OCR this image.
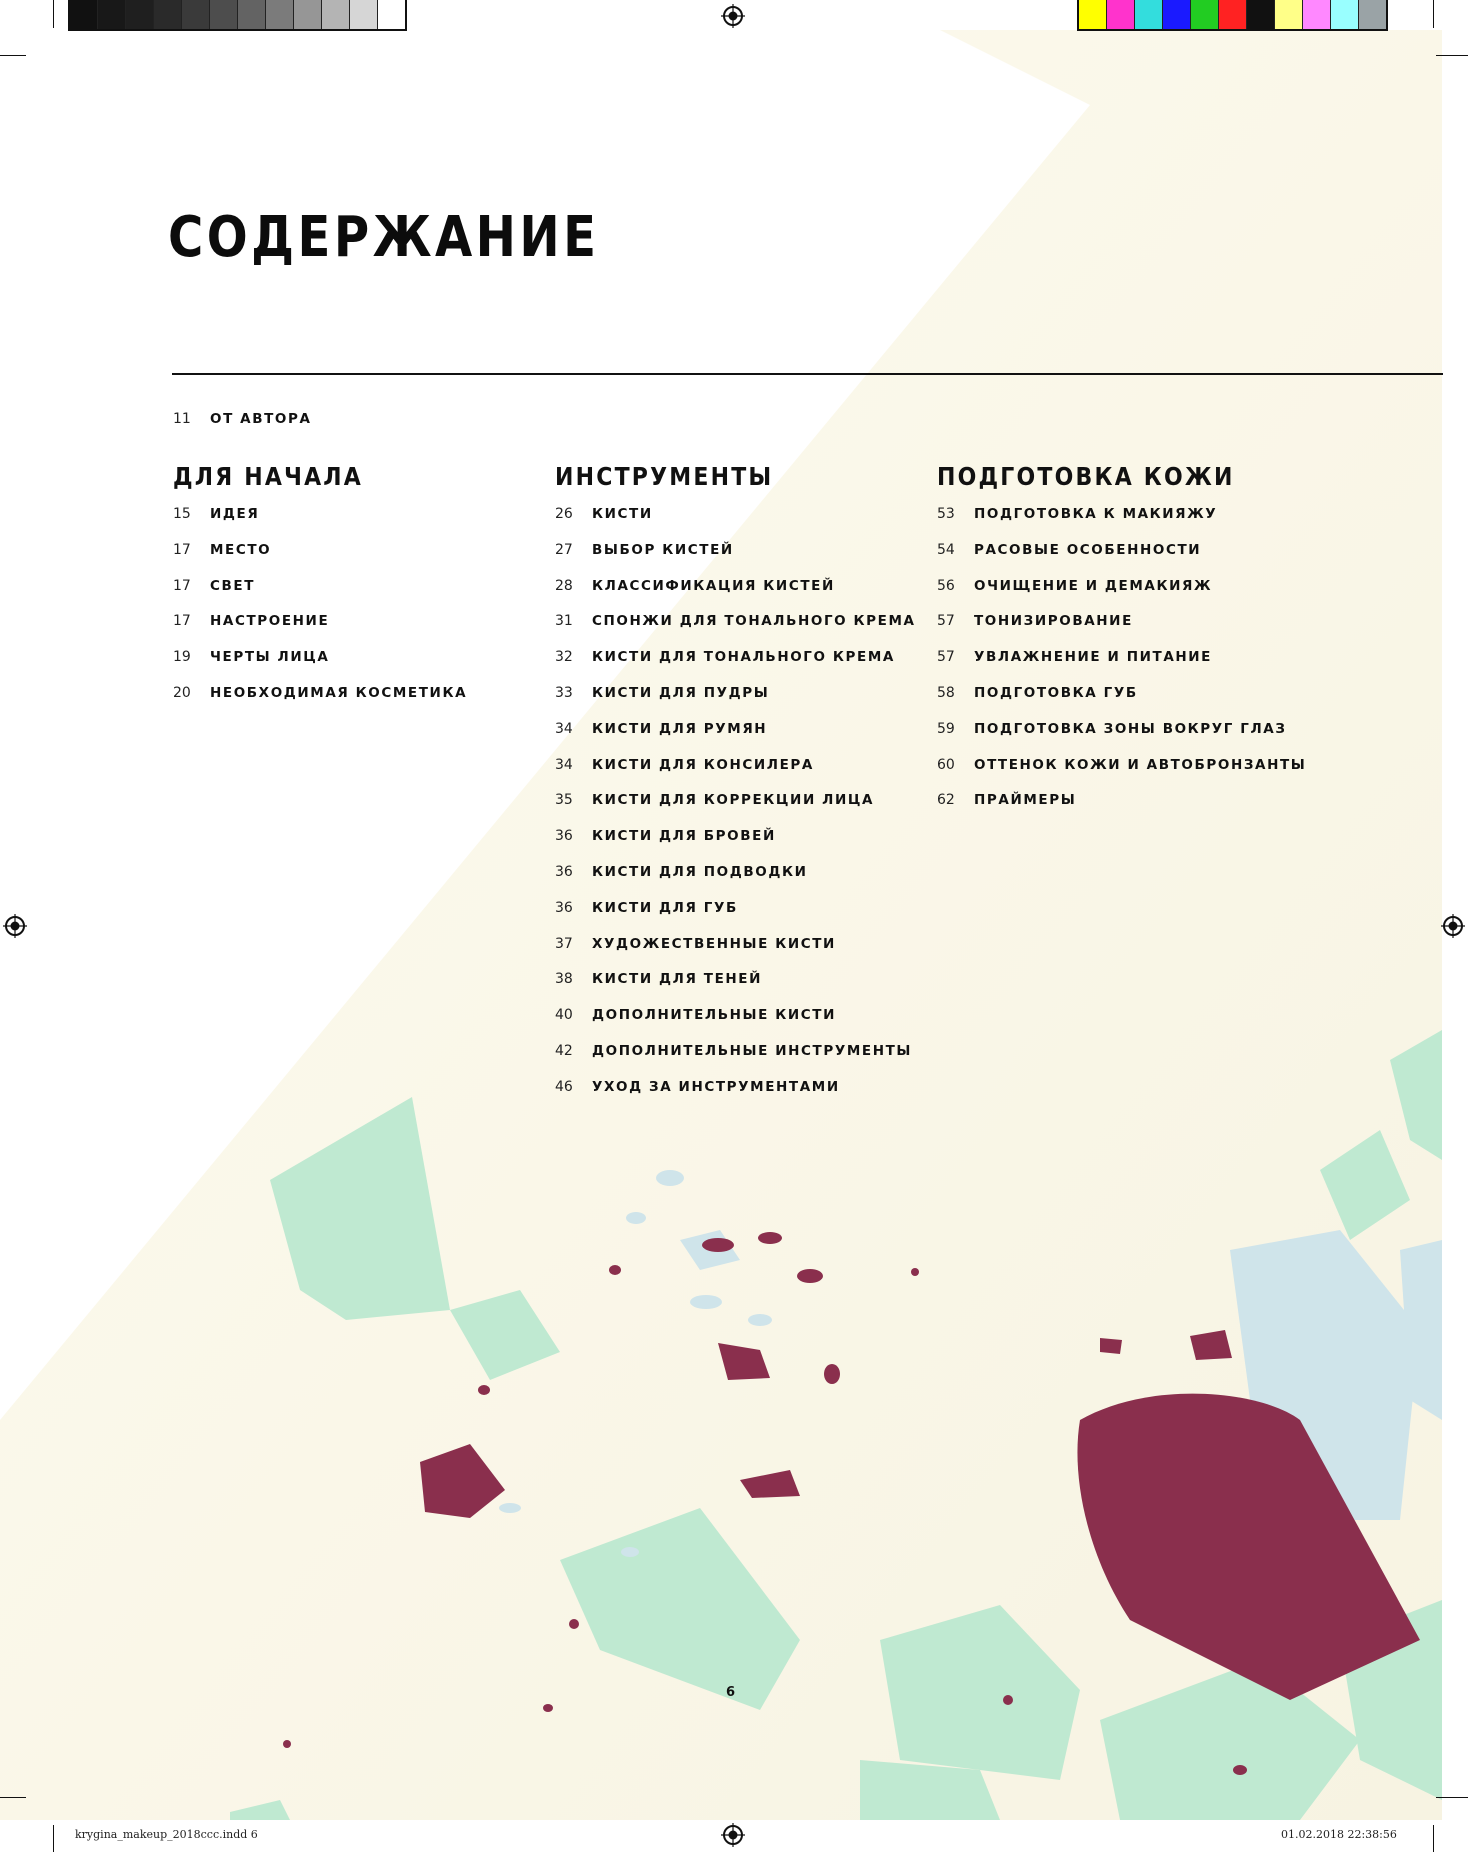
СОДЕРЖАНИЕ
11	ОТ АВТОРА
ДЛЯ НАЧАЛА
15	ИДЕЯ
17	МЕСТО
17	СВЕТ
17	НАСТРОЕНИЕ
19	ЧЕРТЫ ЛИЦА
20	НЕОБХОДИМАЯ КОСМЕТИКА
ИНСТРУМЕНТЫ
26	КИСТИ
27	ВЫБОР КИСТЕЙ
28	КЛАССИФИКАЦИЯ КИСТЕЙ
31	СПОНЖИ ДЛЯ ТОНАЛЬНОГО КРЕМА
32	КИСТИ ДЛЯ ТОНАЛЬНОГО КРЕМА
33	КИСТИ ДЛЯ ПУДРЫ
34	КИСТИ ДЛЯ РУМЯН
34	КИСТИ ДЛЯ КОНСИЛЕРА
35	КИСТИ ДЛЯ КОРРЕКЦИИ ЛИЦА
36	КИСТИ ДЛЯ БРОВЕЙ
36	КИСТИ ДЛЯ ПОДВОДКИ
36	КИСТИ ДЛЯ ГУБ
37	ХУДОЖЕСТВЕННЫЕ КИСТИ
38	КИСТИ ДЛЯ ТЕНЕЙ
40	ДОПОЛНИТЕЛЬНЫЕ КИСТИ
42	ДОПОЛНИТЕЛЬНЫЕ ИНСТРУМЕНТЫ
46	УХОД ЗА ИНСТРУМЕНТАМИ
ПОДГОТОВКА КОЖИ
53	ПОДГОТОВКА К МАКИЯЖУ
54	РАСОВЫЕ ОСОБЕННОСТИ
56	ОЧИЩЕНИЕ И ДЕМАКИЯЖ
57	ТОНИЗИРОВАНИЕ
57	УВЛАЖНЕНИЕ И ПИТАНИЕ
58	ПОДГОТОВКА ГУБ
59	ПОДГОТОВКА ЗОНЫ ВОКРУГ ГЛАЗ
60	ОТТЕНОК КОЖИ И АВТОБРОНЗАНТЫ
62	ПРАЙМЕРЫ
6
krygina_makeup_2018ccc.indd 6	01.02.2018 22:38:56
